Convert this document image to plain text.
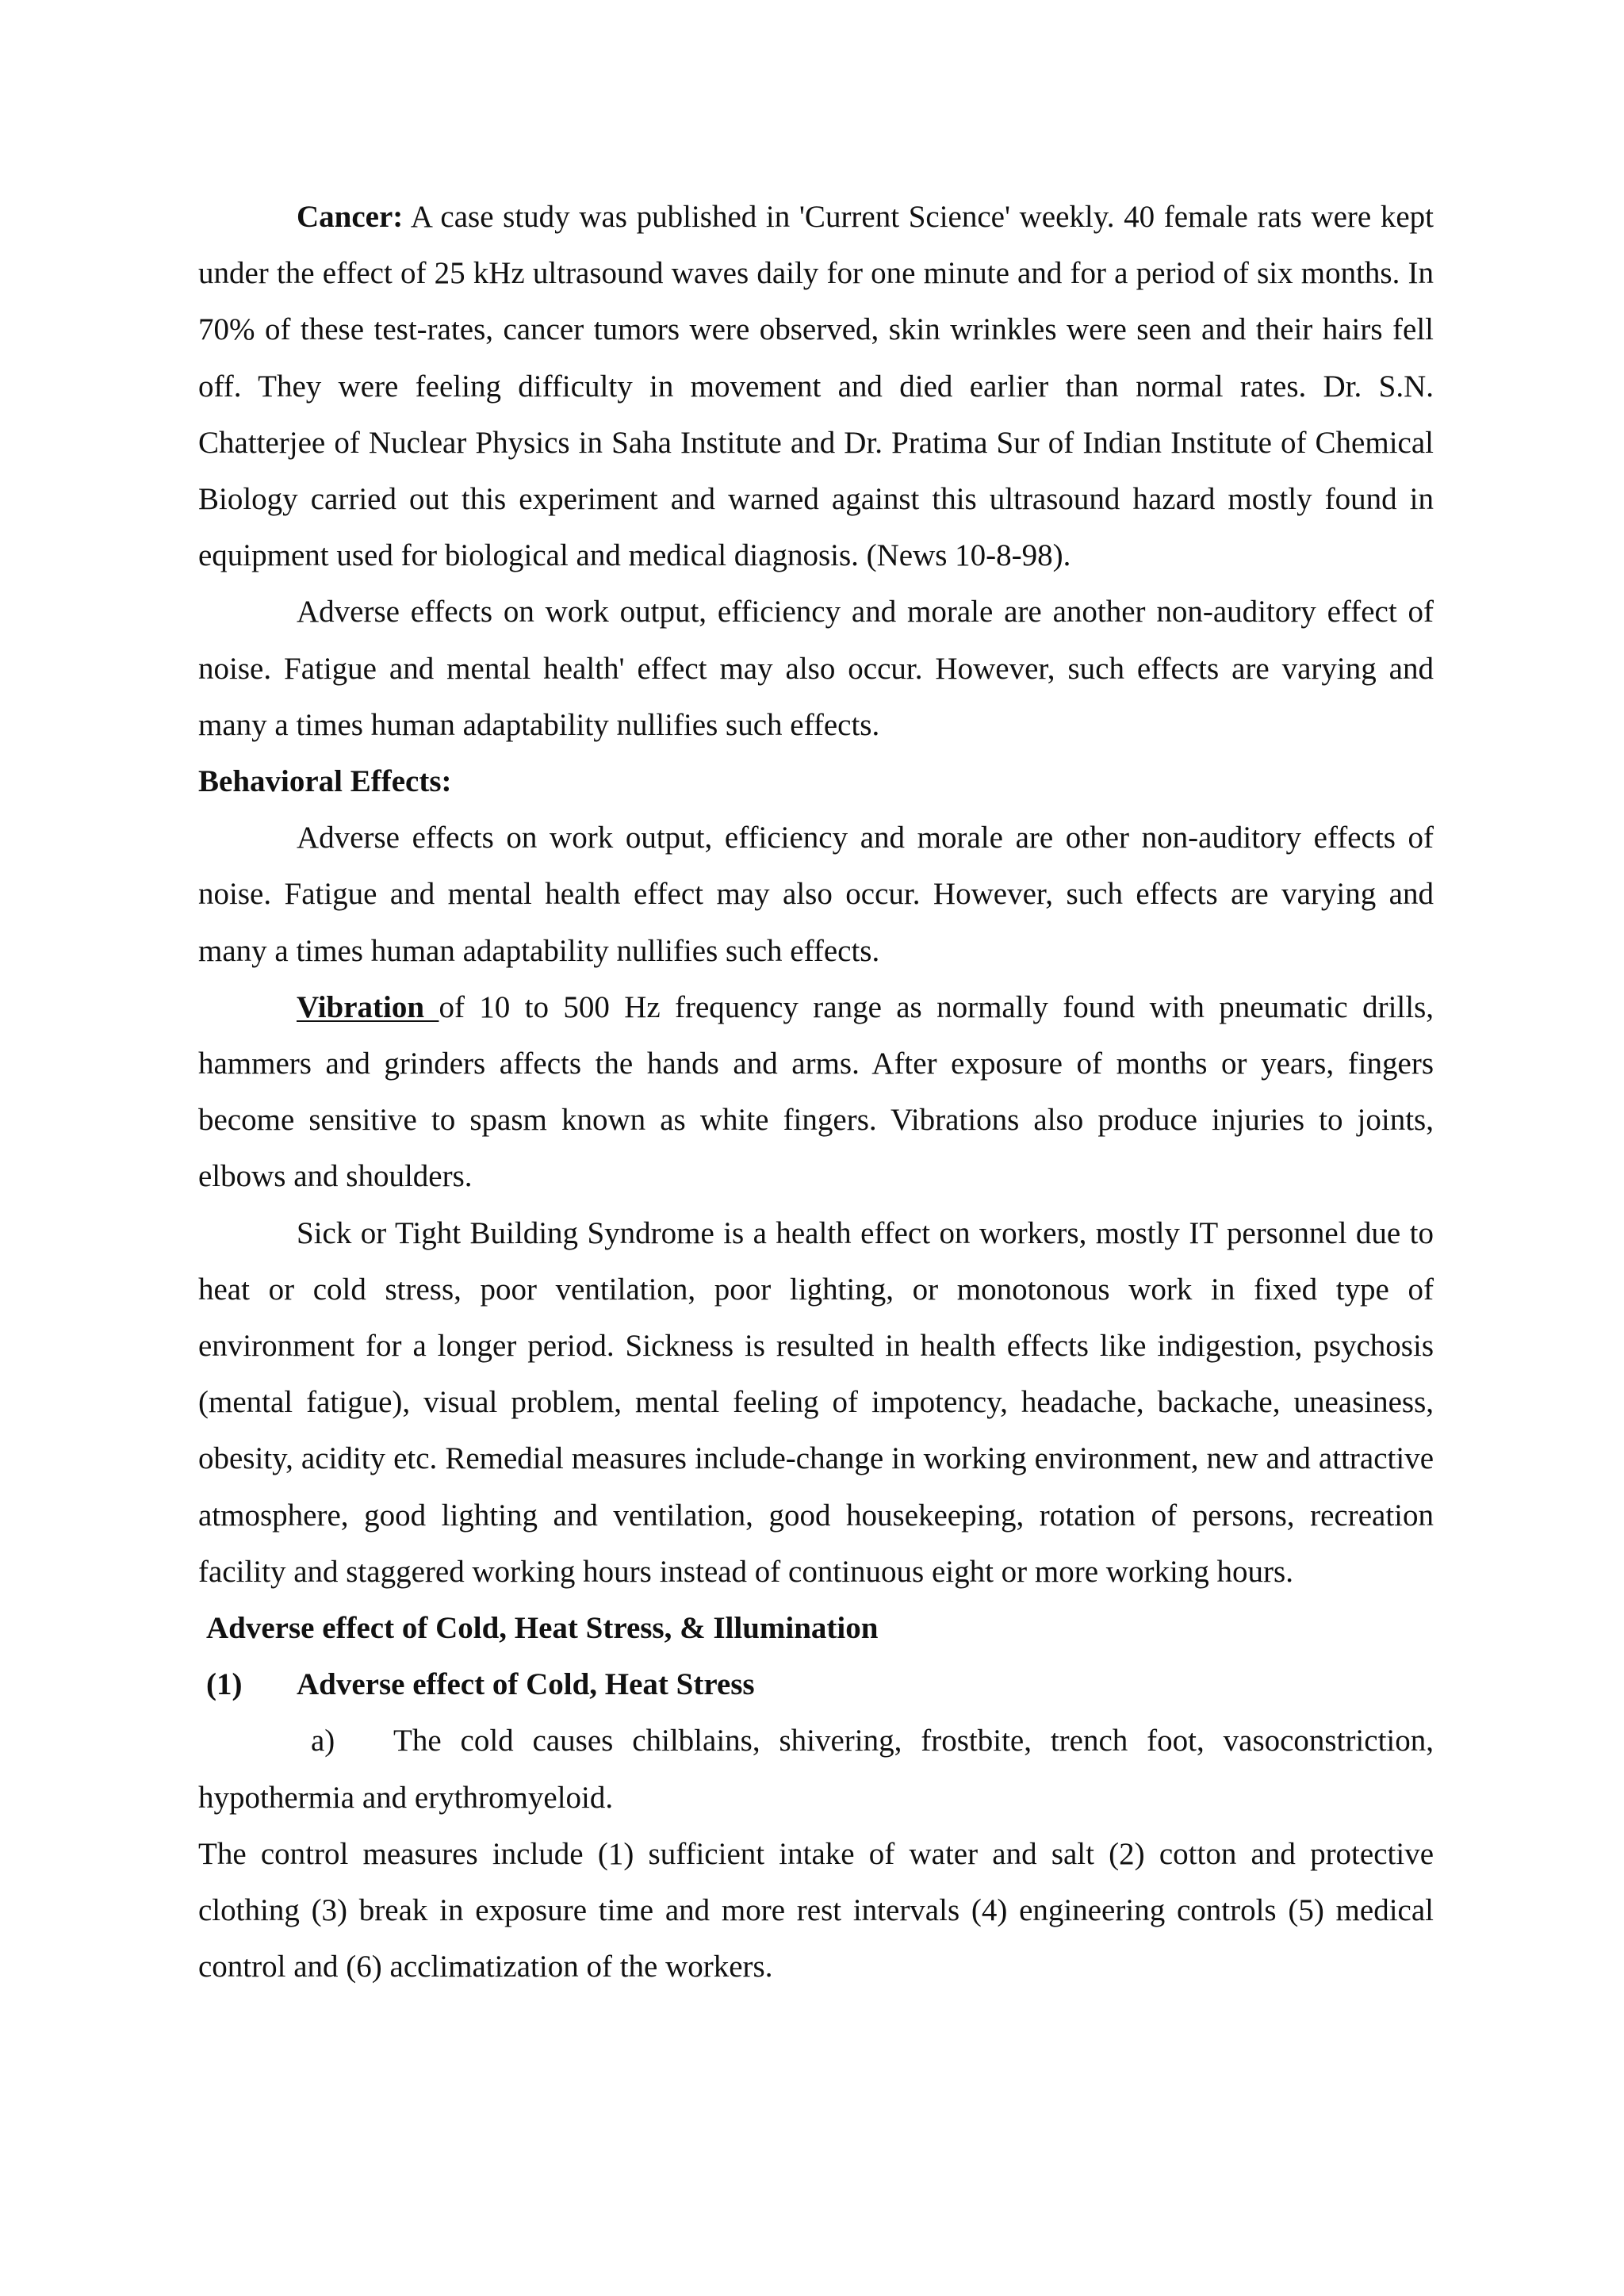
Cancer: A case study was published in 'Current Science' weekly. 40 female rats were kept under the effect of 25 kHz ultrasound waves daily for one minute and for a period of six months. In 70% of these test-rates, cancer tumors were observed, skin wrinkles were seen and their hairs fell off. They were feeling difficulty in movement and died earlier than normal rates. Dr. S.N. Chatterjee of Nuclear Physics in Saha Institute and Dr. Pratima Sur of Indian Institute of Chemical Biology carried out this experiment and warned against this ultrasound hazard mostly found in equipment used for biological and medical diagnosis. (News 10-8-98).

Adverse effects on work output, efficiency and morale are another non-auditory effect of noise. Fatigue and mental health' effect may also occur. However, such effects are varying and many a times human adaptability nullifies such effects.

Behavioral Effects:

Adverse effects on work output, efficiency and morale are other non-auditory effects of noise. Fatigue and mental health effect may also occur. However, such effects are varying and many a times human adaptability nullifies such effects.

Vibration of 10 to 500 Hz frequency range as normally found with pneumatic drills, hammers and grinders affects the hands and arms. After exposure of months or years, fingers become sensitive to spasm known as white fingers. Vibrations also produce injuries to joints, elbows and shoulders.

Sick or Tight Building Syndrome is a health effect on workers, mostly IT personnel due to heat or cold stress, poor ventilation, poor lighting, or monotonous work in fixed type of environment for a longer period. Sickness is resulted in health effects like indigestion, psychosis (mental fatigue), visual problem, mental feeling of impotency, headache, backache, uneasiness, obesity, acidity etc. Remedial measures include-change in working environment, new and attractive atmosphere, good lighting and ventilation, good housekeeping, rotation of persons, recreation facility and staggered working hours instead of continuous eight or more working hours.

Adverse effect of Cold, Heat Stress, & Illumination

(1)	Adverse effect of Cold, Heat Stress

a) The cold causes chilblains, shivering, frostbite, trench foot, vasoconstriction,

hypothermia and erythromyeloid.

The control measures include (1) sufficient intake of water and salt (2) cotton and protective clothing (3) break in exposure time and more rest intervals (4) engineering controls (5) medical control and (6) acclimatization of the workers.
